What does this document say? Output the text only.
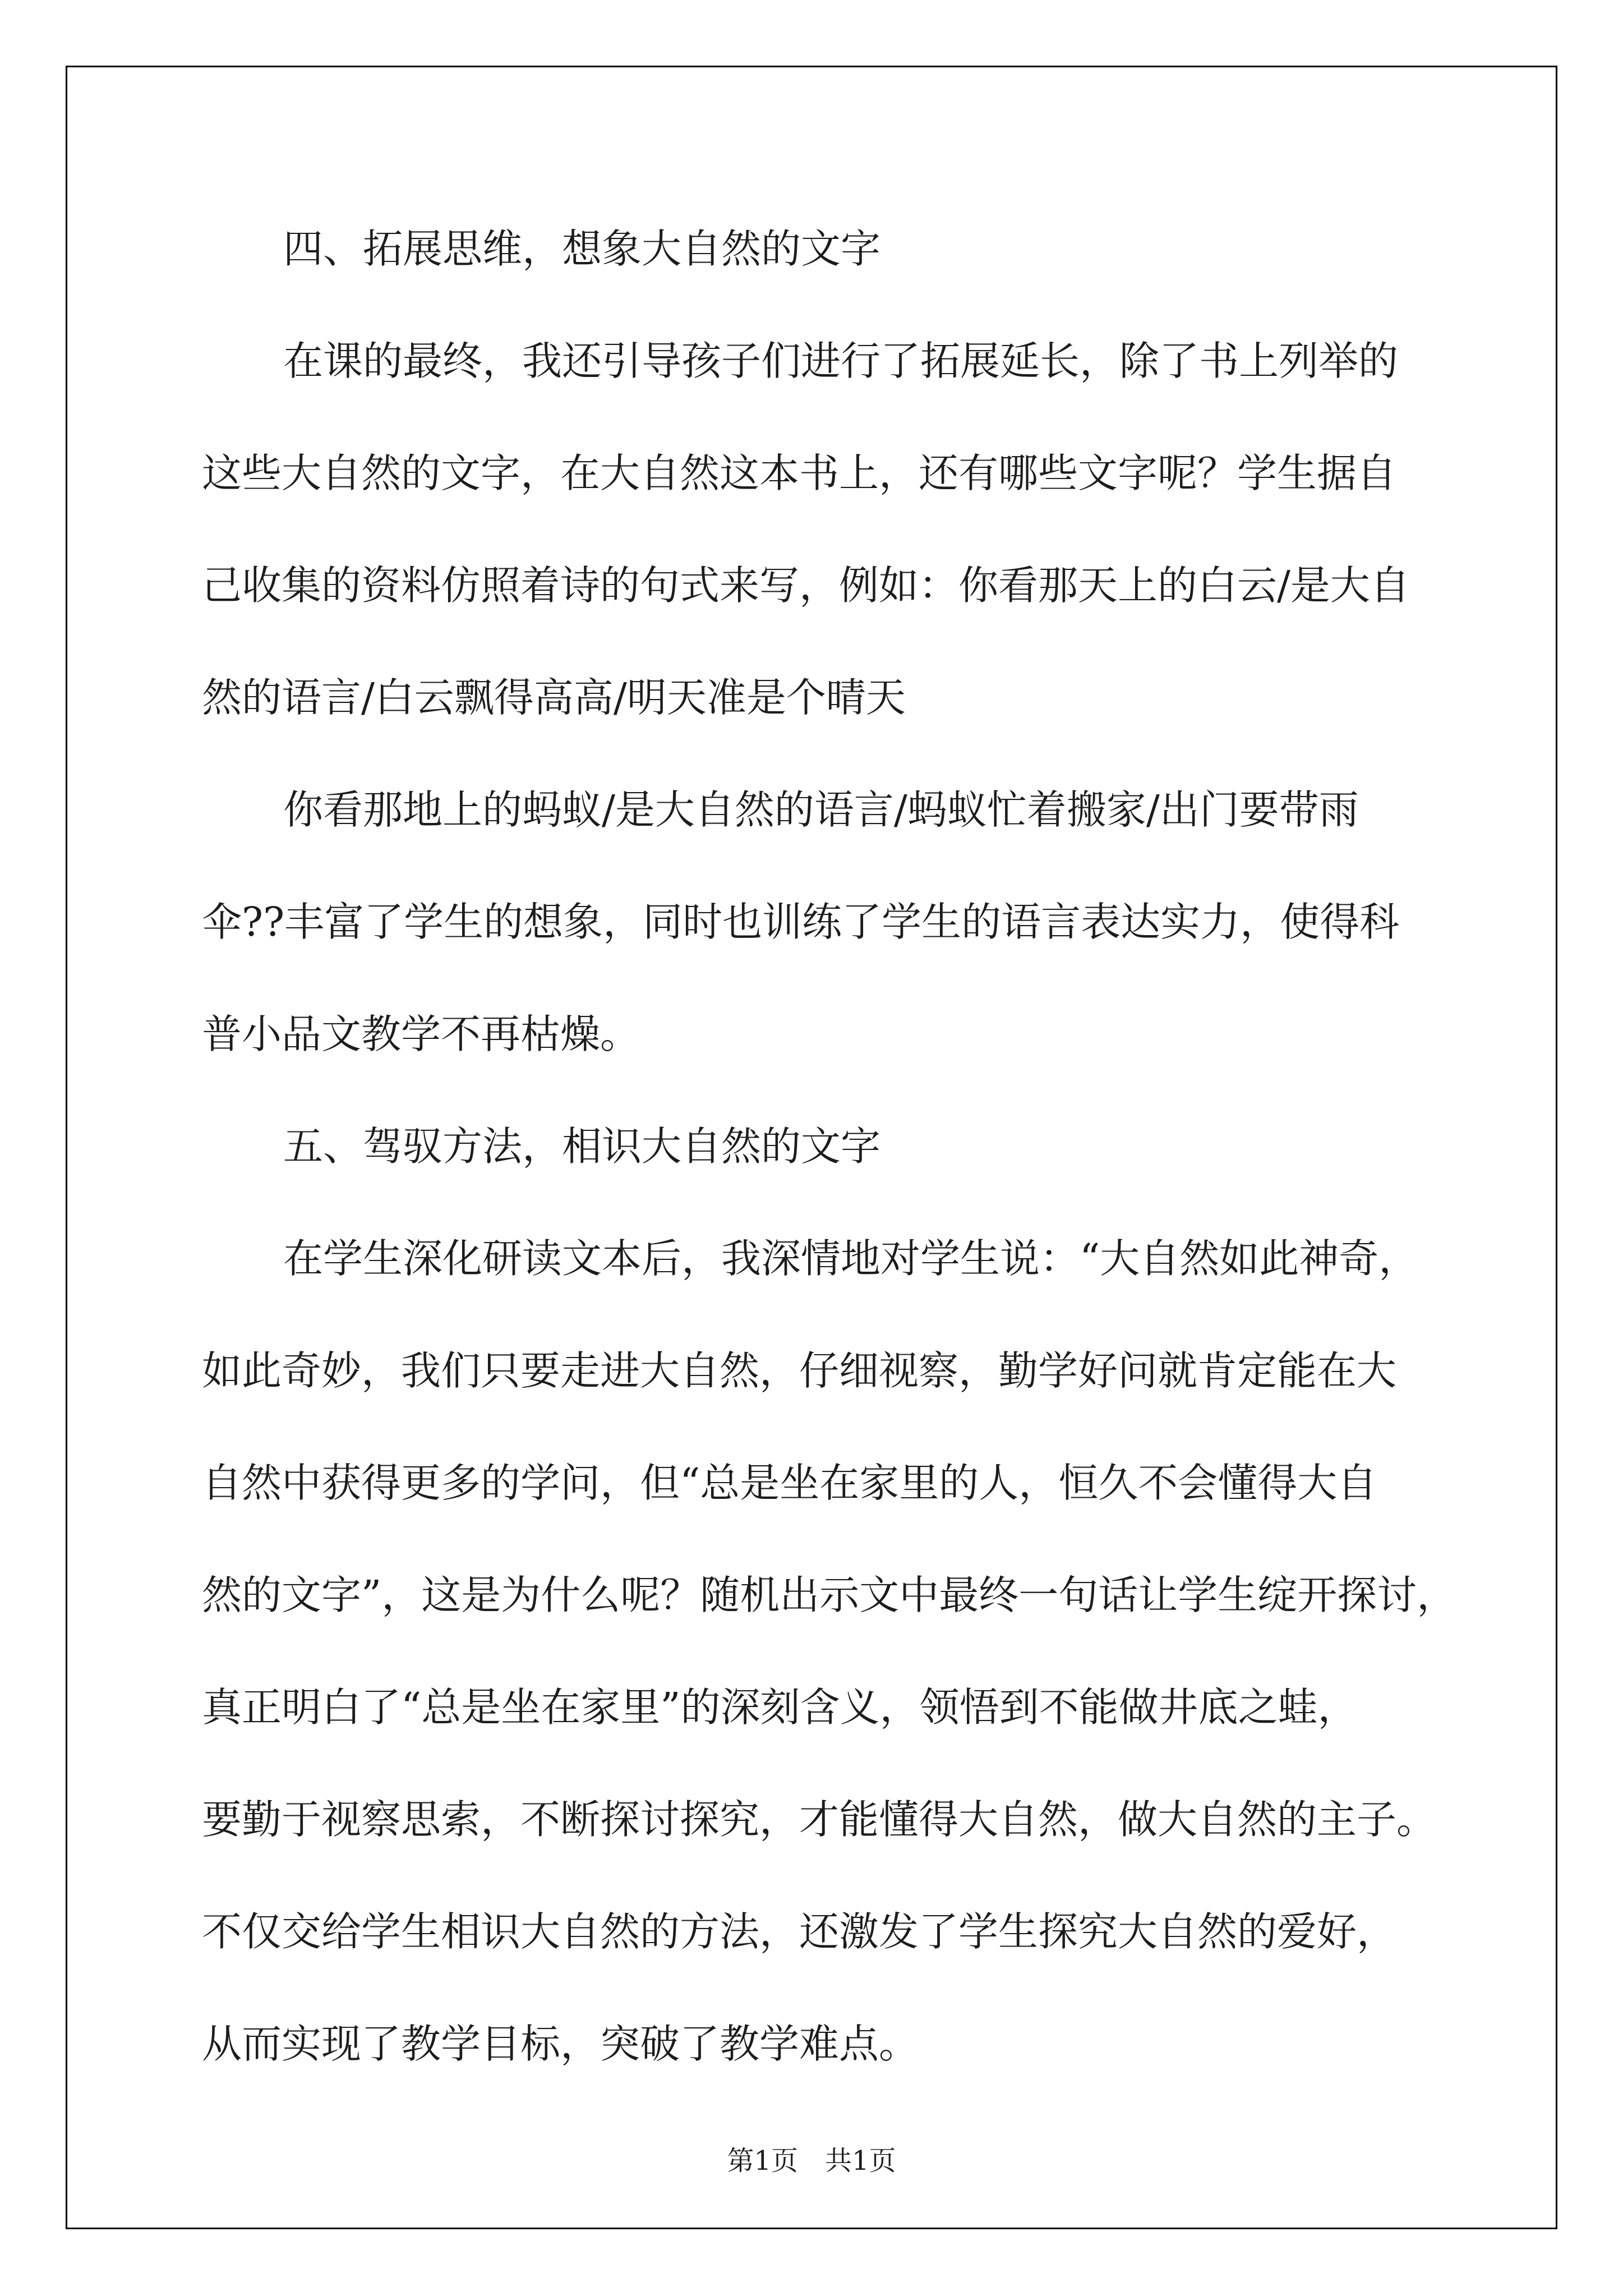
四、拓展思维，想象大自然的文字
在课的最终，我还引导孩子们进行了拓展延长，除了书上列举的
这些大自然的文字，在大自然这本书上，还有哪些文字呢？学生据自
己收集的资料仿照着诗的句式来写，例如：你看那天上的白云/是大自
然的语言/白云飘得高高/明天准是个晴天
你看那地上的蚂蚁/是大自然的语言/蚂蚁忙着搬家/出门要带雨
伞??丰富了学生的想象，同时也训练了学生的语言表达实力，使得科
普小品文教学不再枯燥。
五、驾驭方法，相识大自然的文字
在学生深化研读文本后，我深情地对学生说：“大自然如此神奇，
如此奇妙，我们只要走进大自然，仔细视察，勤学好问就肯定能在大
自然中获得更多的学问，但“总是坐在家里的人，恒久不会懂得大自
然的文字”，这是为什么呢？随机出示文中最终一句话让学生绽开探讨，
真正明白了“总是坐在家里”的深刻含义，领悟到不能做井底之蛙，
要勤于视察思索，不断探讨探究，才能懂得大自然，做大自然的主子。
不仅交给学生相识大自然的方法，还激发了学生探究大自然的爱好，
从而实现了教学目标，突破了教学难点。
第1页　共1页
